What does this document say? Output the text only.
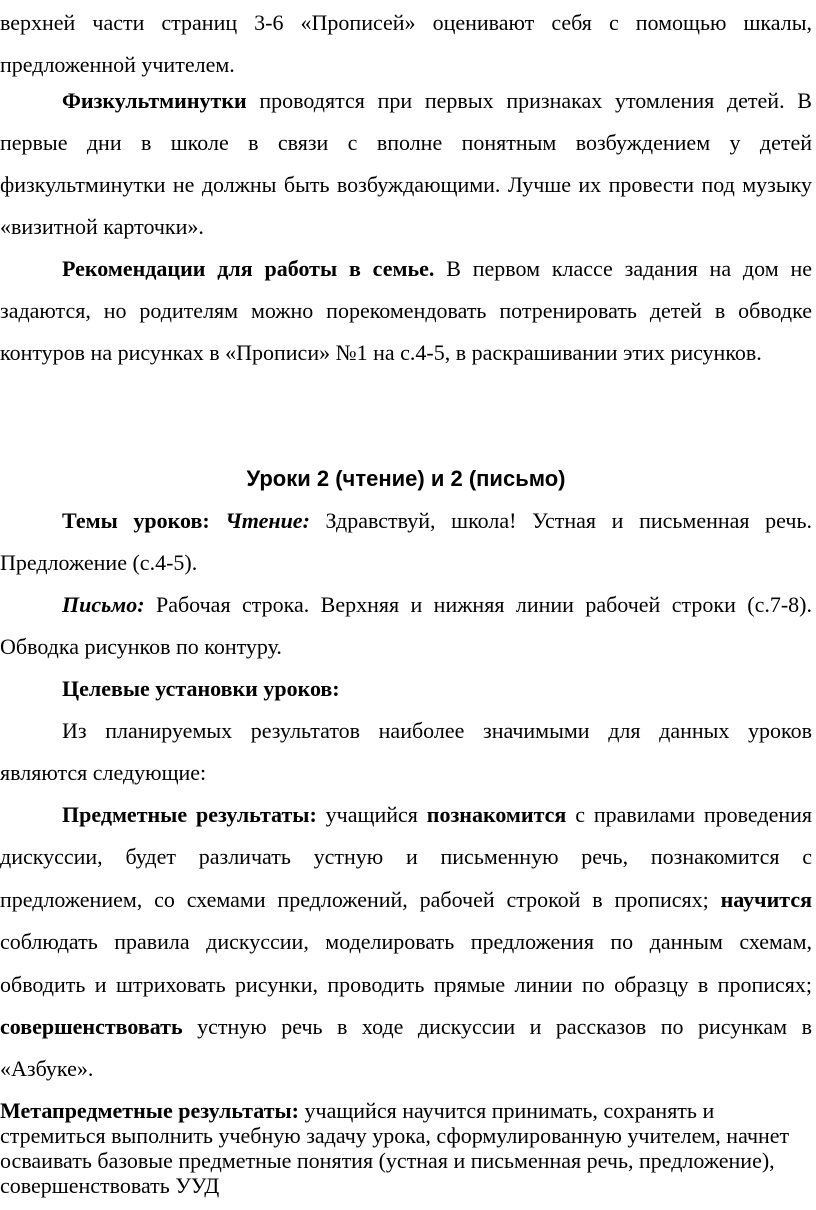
верхней части страниц 3-6 «Прописей» оценивают себя с помощью шкалы, предложенной учителем.

Физкультминутки проводятся при первых признаках утомления детей. В первые дни в школе в связи с вполне понятным возбуждением у детей физкультминутки не должны быть возбуждающими. Лучше их провести под музыку «визитной карточки».

Рекомендации для работы в семье. В первом классе задания на дом не задаются, но родителям можно порекомендовать потренировать детей в обводке контуров на рисунках в «Прописи» №1 на с.4-5, в раскрашивании этих рисунков.

Уроки 2 (чтение) и 2 (письмо)

Темы уроков: Чтение: Здравствуй, школа! Устная и письменная речь. Предложение (с.4-5).

Письмо: Рабочая строка. Верхняя и нижняя линии рабочей строки (с.7-8). Обводка рисунков по контуру.

Целевые установки уроков:

Из планируемых результатов наиболее значимыми для данных уроков являются следующие:

Предметные результаты: учащийся познакомится с правилами проведения дискуссии, будет различать устную и письменную речь, познакомится с предложением, со схемами предложений, рабочей строкой в прописях; научится соблюдать правила дискуссии, моделировать предложения по данным схемам, обводить и штриховать рисунки, проводить прямые линии по образцу в прописях; совершенствовать устную речь в ходе дискуссии и рассказов по рисункам в «Азбуке».

Метапредметные результаты: учащийся научится принимать, сохранять и стремиться выполнить учебную задачу урока, сформулированную учителем, начнет осваивать базовые предметные понятия (устная и письменная речь, предложение), совершенствовать УУД
